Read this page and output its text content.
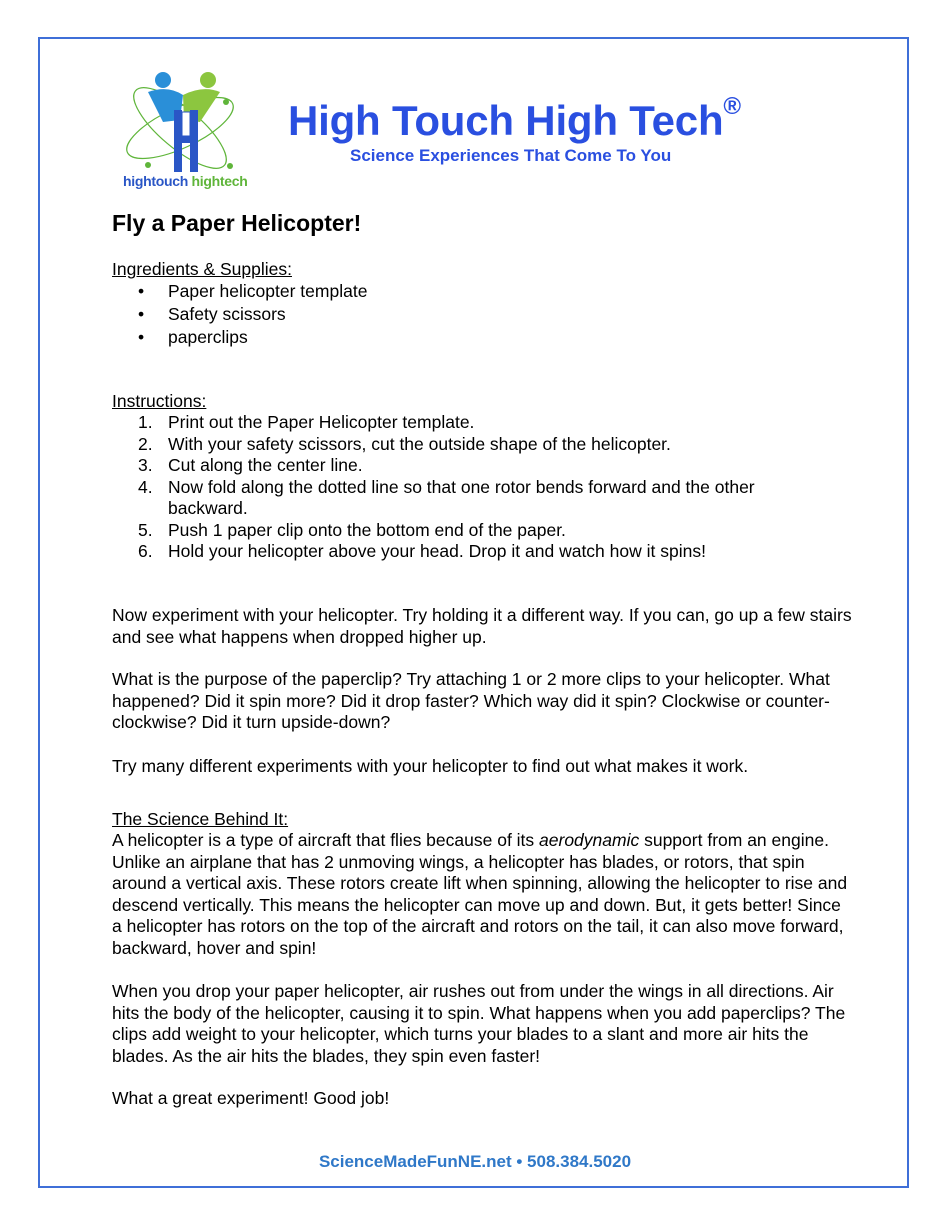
hightouch hightech
High Touch High Tech®
Science Experiences That Come To You
Fly a Paper Helicopter!

Ingredients & Supplies:

• Paper helicopter template
• Safety scissors
• paperclips

Instructions:

1. Print out the Paper Helicopter template.
2. With your safety scissors, cut the outside shape of the helicopter.
3. Cut along the center line.
4. Now fold along the dotted line so that one rotor bends forward and the other backward.
5. Push 1 paper clip onto the bottom end of the paper.
6. Hold your helicopter above your head. Drop it and watch how it spins!

Now experiment with your helicopter. Try holding it a different way. If you can, go up a few stairs and see what happens when dropped higher up.

What is the purpose of the paperclip? Try attaching 1 or 2 more clips to your helicopter. What happened? Did it spin more? Did it drop faster? Which way did it spin? Clockwise or counter-clockwise? Did it turn upside-down?

Try many different experiments with your helicopter to find out what makes it work.

The Science Behind It:

A helicopter is a type of aircraft that flies because of its aerodynamic support from an engine. Unlike an airplane that has 2 unmoving wings, a helicopter has blades, or rotors, that spin around a vertical axis. These rotors create lift when spinning, allowing the helicopter to rise and descend vertically. This means the helicopter can move up and down. But, it gets better! Since a helicopter has rotors on the top of the aircraft and rotors on the tail, it can also move forward, backward, hover and spin!

When you drop your paper helicopter, air rushes out from under the wings in all directions. Air hits the body of the helicopter, causing it to spin. What happens when you add paperclips? The clips add weight to your helicopter, which turns your blades to a slant and more air hits the blades. As the air hits the blades, they spin even faster!

What a great experiment! Good job!

ScienceMadeFunNE.net • 508.384.5020
